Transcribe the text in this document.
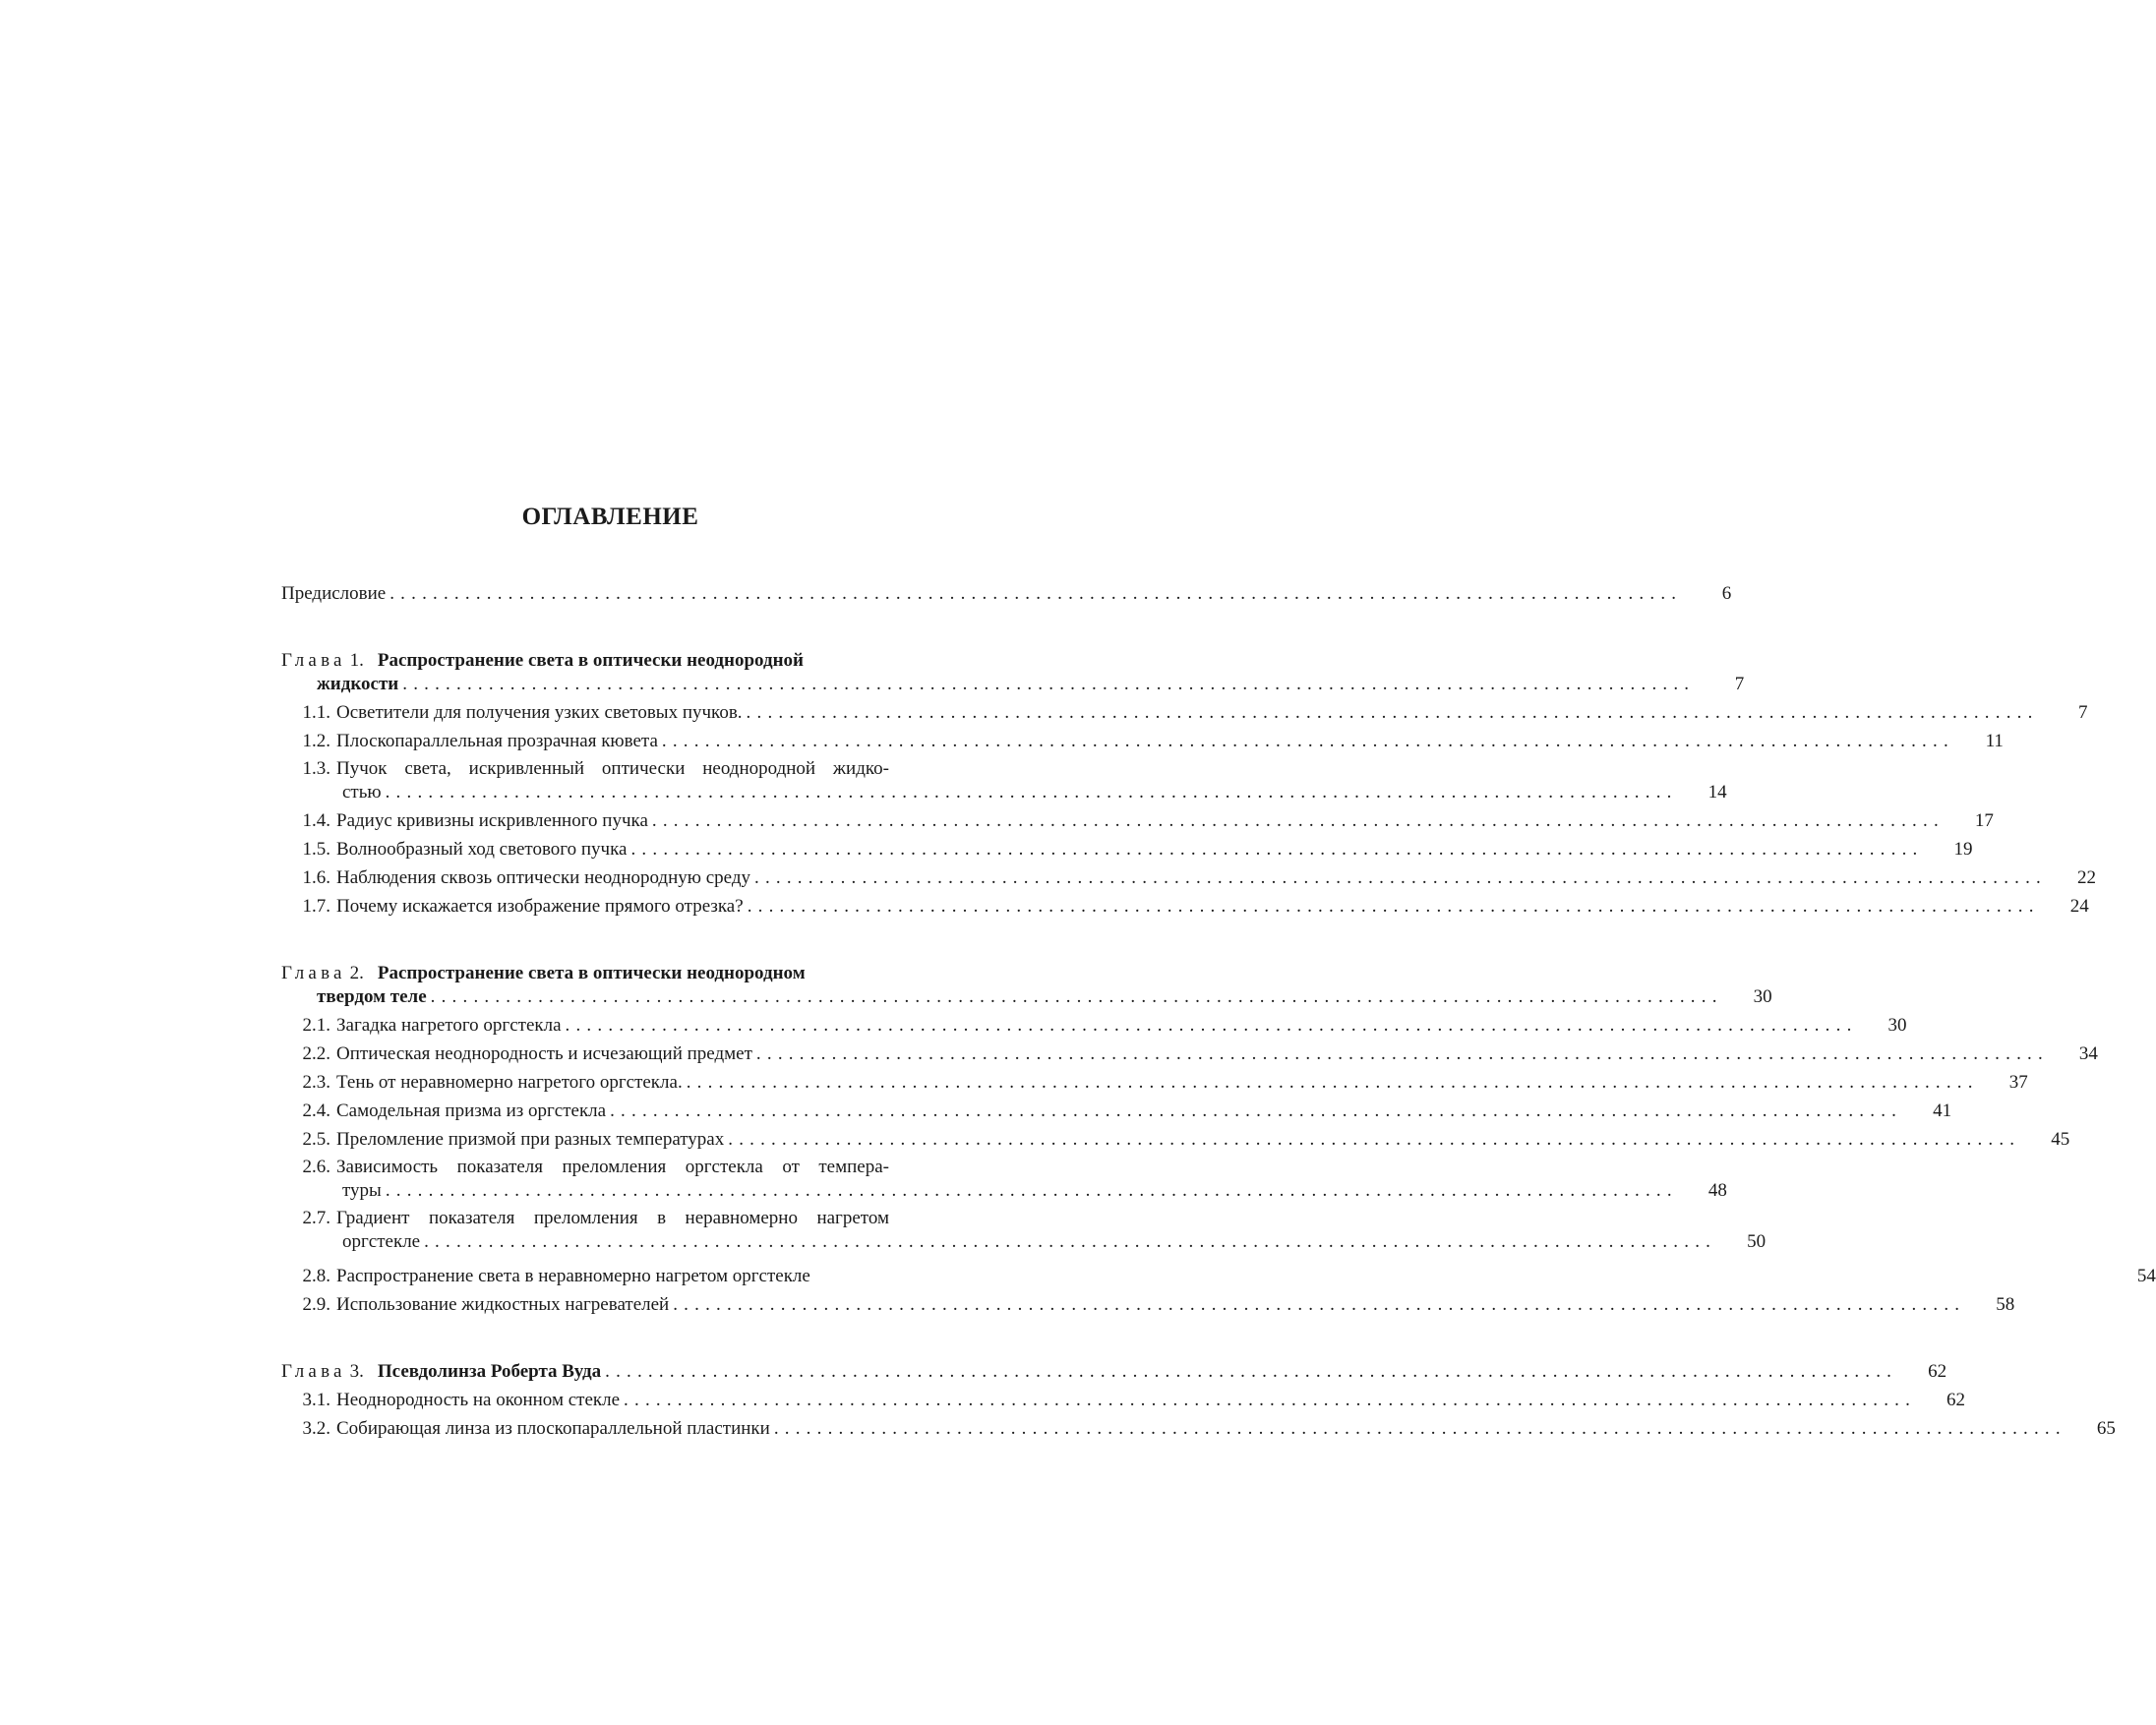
ОГЛАВЛЕНИЕ
Предисловие ........................................................................................................................	6
Глава 1. Распространение света в оптически неоднородной
жидкости ........................................................................................................................	7
1.1. Осветители для получения узких световых пучков. ........................................................................................................................	7
1.2. Плоскопараллельная прозрачная кювета ........................................................................................................................	11
1.3. Пучок света, искривленный оптически неоднородной жидко-
стью ........................................................................................................................	14
1.4. Радиус кривизны искривленного пучка ........................................................................................................................	17
1.5. Волнообразный ход светового пучка ........................................................................................................................	19
1.6. Наблюдения сквозь оптически неоднородную среду ........................................................................................................................	22
1.7. Почему искажается изображение прямого отрезка? ........................................................................................................................	24
Глава 2. Распространение света в оптически неоднородном
твердом теле ........................................................................................................................	30
2.1. Загадка нагретого оргстекла ........................................................................................................................	30
2.2. Оптическая неоднородность и исчезающий предмет ........................................................................................................................	34
2.3. Тень от неравномерно нагретого оргстекла. ........................................................................................................................	37
2.4. Самодельная призма из оргстекла ........................................................................................................................	41
2.5. Преломление призмой при разных температурах ........................................................................................................................	45
2.6. Зависимость показателя преломления оргстекла от темпера-
туры ........................................................................................................................	48
2.7. Градиент показателя преломления в неравномерно нагретом
оргстекле ........................................................................................................................	50
2.8. Распространение света в неравномерно нагретом оргстекле	54
2.9. Использование жидкостных нагревателей ........................................................................................................................	58
Глава 3. Псевдолинза Роберта Вуда ........................................................................................................................	62
3.1. Неоднородность на оконном стекле ........................................................................................................................	62
3.2. Собирающая линза из плоскопараллельной пластинки ........................................................................................................................	65
